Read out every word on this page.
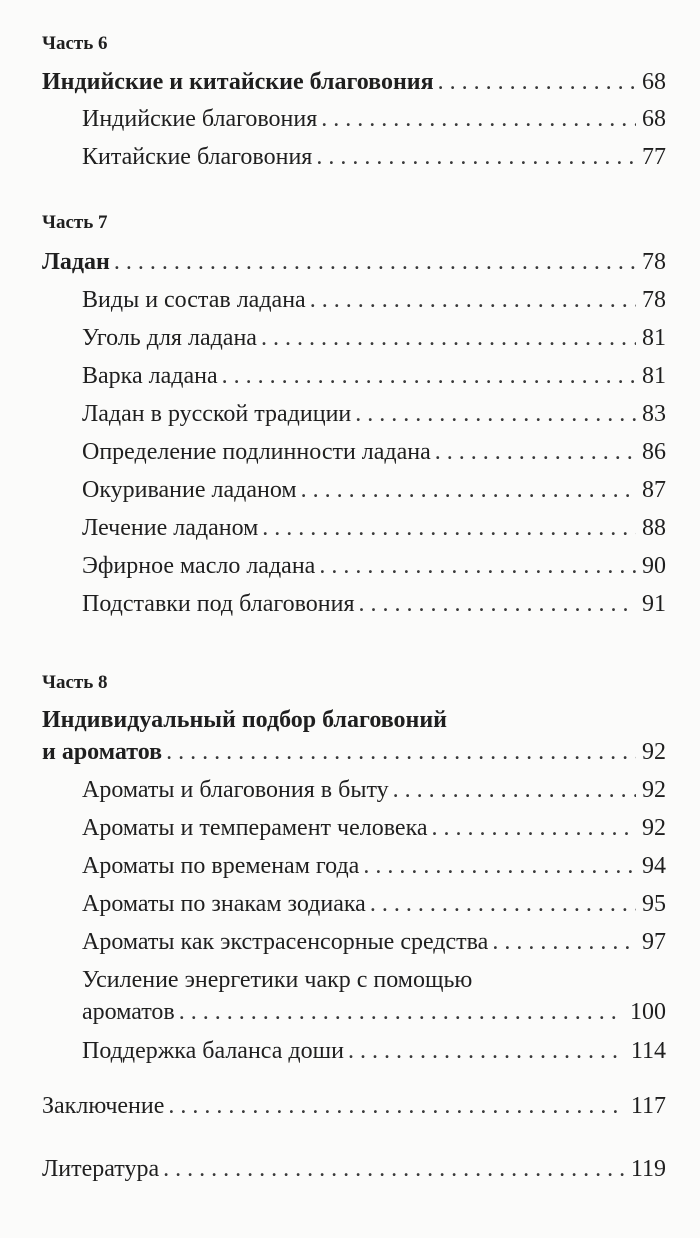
Часть 6
Индийские и китайские благовония . . .	68
Индийские благовония . . .	68
Китайские благовония . . .	77
Часть 7
Ладан . . .	78
Виды и состав ладана . . .	78
Уголь для ладана . . .	81
Варка ладана . . .	81
Ладан в русской традиции . . .	83
Определение подлинности ладана . . .	86
Окуривание ладаном . . .	87
Лечение ладаном . . .	88
Эфирное масло ладана . . .	90
Подставки под благовония . . .	91
Часть 8
Индивидуальный подбор благовоний
и ароматов . . .	92
Ароматы и благовония в быту . . .	92
Ароматы и темперамент человека . . .	92
Ароматы по временам года . . .	94
Ароматы по знакам зодиака . . .	95
Ароматы как экстрасенсорные средства . . .	97
Усиление энергетики чакр с помощью
ароматов . . .	100
Поддержка баланса доши . . .	114
Заключение . . .	117
Литература . . .	119
